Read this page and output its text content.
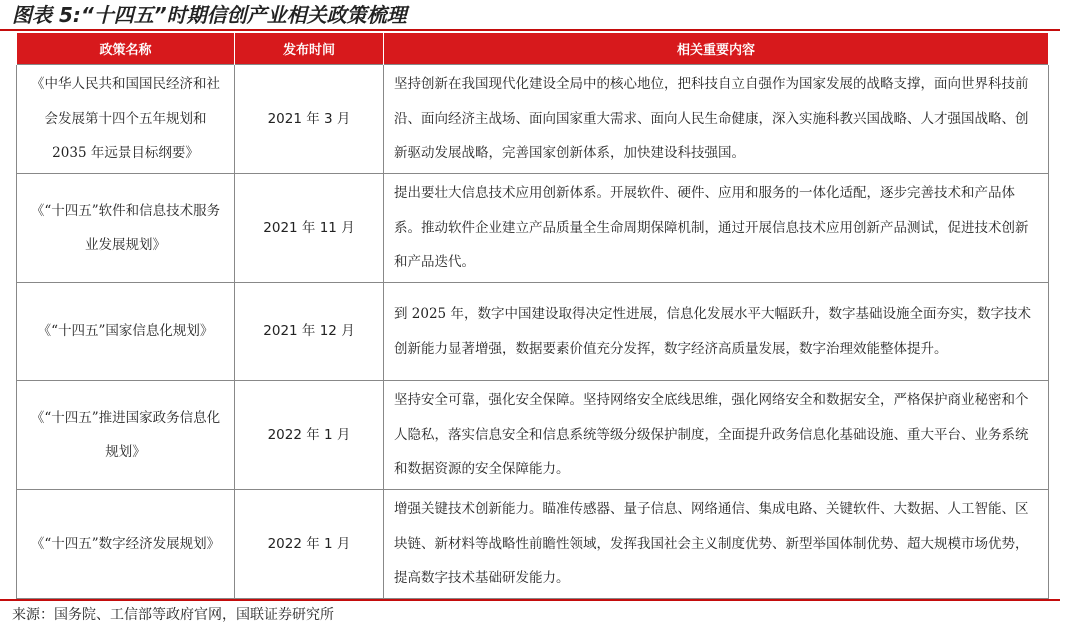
图表 5:“十四五”时期信创产业相关政策梳理
政策名称	发布时间	相关重要内容
《中华人民共和国国民经济和社会发展第十四个五年规划和 2035 年远景目标纲要》	2021 年 3 月	坚持创新在我国现代化建设全局中的核心地位，把科技自立自强作为国家发展的战略支撑，面向世界科技前沿、面向经济主战场、面向国家重大需求、面向人民生命健康，深入实施科教兴国战略、人才强国战略、创新驱动发展战略，完善国家创新体系，加快建设科技强国。
《“十四五”软件和信息技术服务业发展规划》	2021 年 11 月	提出要壮大信息技术应用创新体系。开展软件、硬件、应用和服务的一体化适配，逐步完善技术和产品体系。推动软件企业建立产品质量全生命周期保障机制，通过开展信息技术应用创新产品测试，促进技术创新和产品迭代。
《“十四五”国家信息化规划》	2021 年 12 月	到 2025 年，数字中国建设取得决定性进展，信息化发展水平大幅跃升，数字基础设施全面夯实，数字技术创新能力显著增强，数据要素价值充分发挥，数字经济高质量发展，数字治理效能整体提升。
《“十四五”推进国家政务信息化规划》	2022 年 1 月	坚持安全可靠，强化安全保障。坚持网络安全底线思维，强化网络安全和数据安全，严格保护商业秘密和个人隐私，落实信息安全和信息系统等级分级保护制度，全面提升政务信息化基础设施、重大平台、业务系统和数据资源的安全保障能力。
《“十四五”数字经济发展规划》	2022 年 1 月	增强关键技术创新能力。瞄准传感器、量子信息、网络通信、集成电路、关键软件、大数据、人工智能、区块链、新材料等战略性前瞻性领域，发挥我国社会主义制度优势、新型举国体制优势、超大规模市场优势，提高数字技术基础研发能力。
来源：国务院、工信部等政府官网，国联证券研究所
